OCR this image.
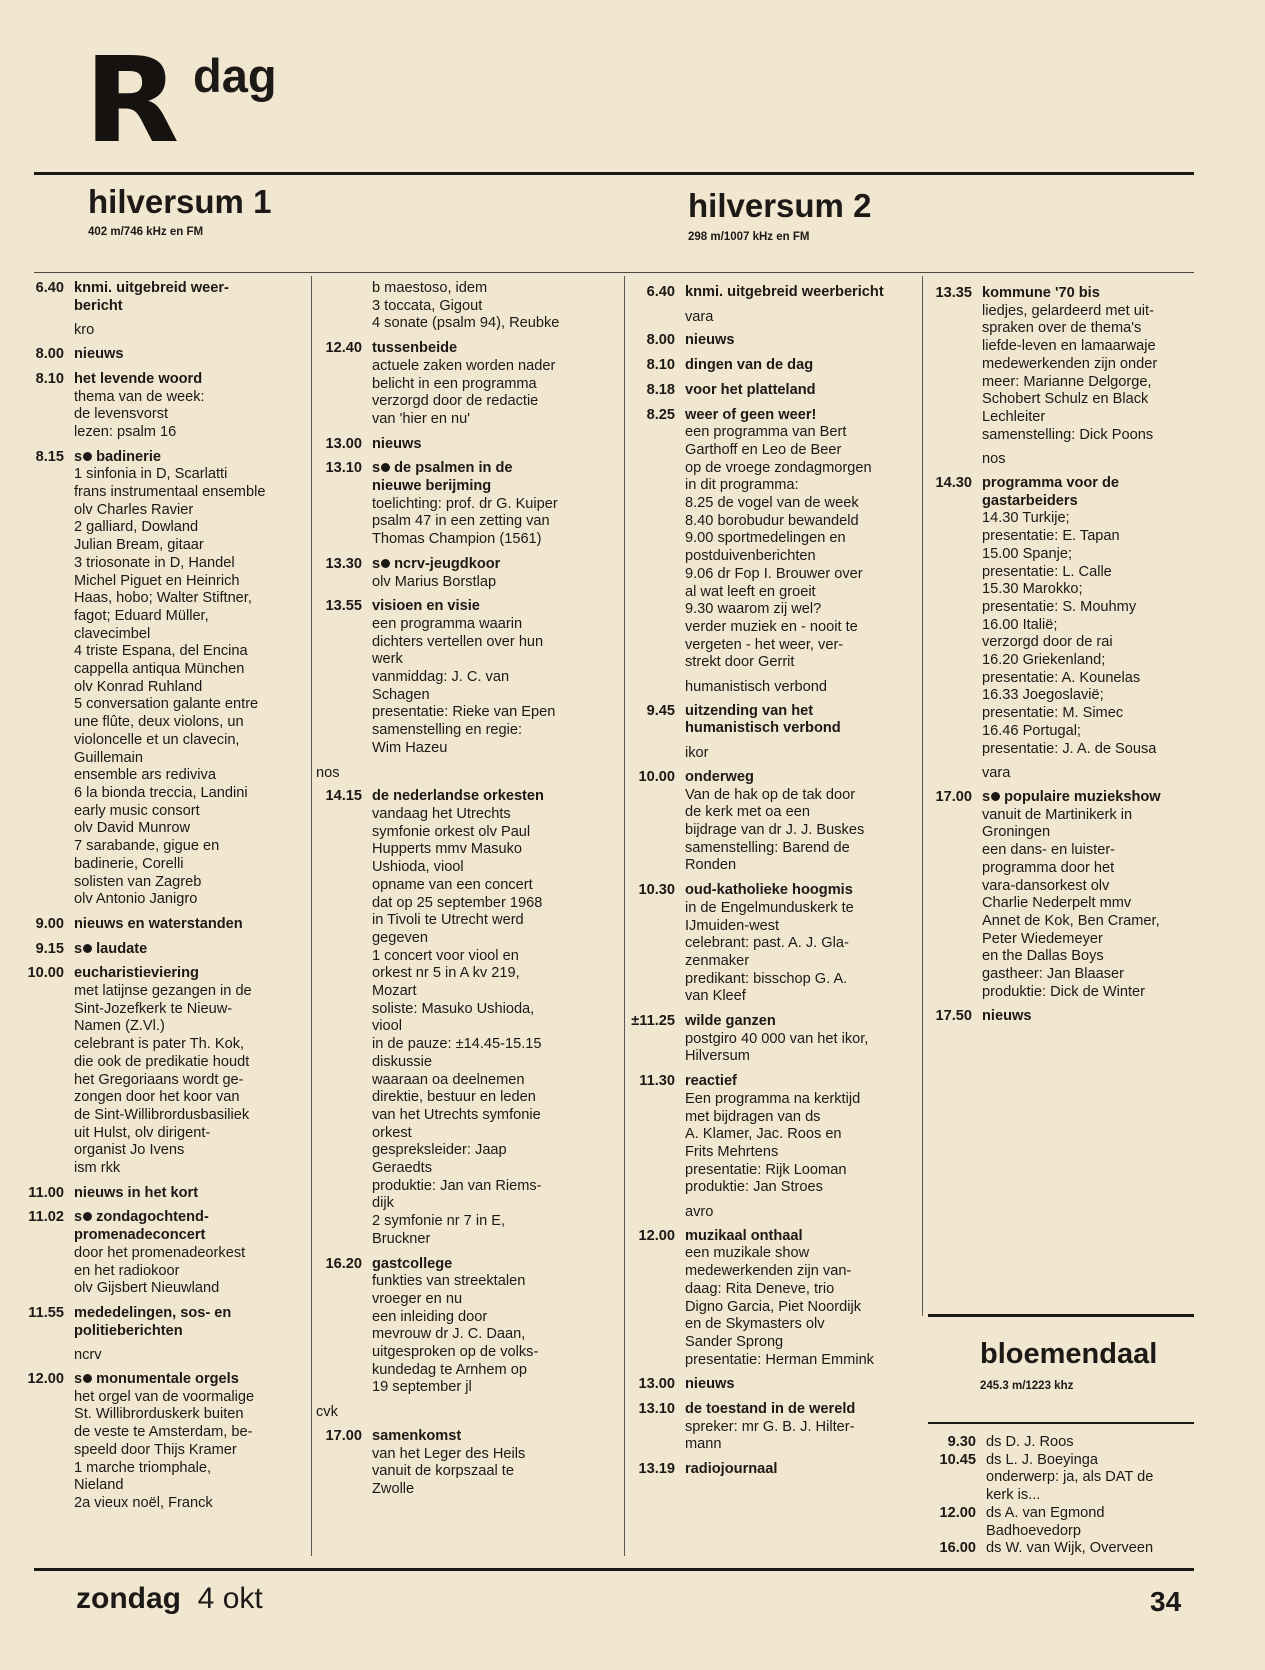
R dag
hilversum 1
402 m/746 kHz en FM
hilversum 2
298 m/1007 kHz en FM
6.40 knmi. uitgebreid weer-
bericht
kro
8.00 nieuws
8.10 het levende woord
thema van de week:
de levensvorst
lezen: psalm 16
8.15 s badinerie
1 sinfonia in D, Scarlatti
frans instrumentaal ensemble
olv Charles Ravier
2 galliard, Dowland
Julian Bream, gitaar
3 triosonate in D, Handel
Michel Piguet en Heinrich
Haas, hobo; Walter Stiftner,
fagot; Eduard Müller,
clavecimbel
4 triste Espana, del Encina
cappella antiqua München
olv Konrad Ruhland
5 conversation galante entre
une flûte, deux violons, un
violoncelle et un clavecin,
Guillemain
ensemble ars rediviva
6 la bionda treccia, Landini
early music consort
olv David Munrow
7 sarabande, gigue en
badinerie, Corelli
solisten van Zagreb
olv Antonio Janigro
9.00 nieuws en waterstanden
9.15 s laudate
10.00 eucharistieviering
met latijnse gezangen in de
Sint-Jozefkerk te Nieuw-
Namen (Z.Vl.)
celebrant is pater Th. Kok,
die ook de predikatie houdt
het Gregoriaans wordt ge-
zongen door het koor van
de Sint-Willibrordusbasiliek
uit Hulst, olv dirigent-
organist Jo Ivens
ism rkk
11.00 nieuws in het kort
11.02 s zondagochtend-
promenadeconcert
door het promenadeorkest
en het radiokoor
olv Gijsbert Nieuwland
11.55 mededelingen, sos- en
politieberichten
ncrv
12.00 s monumentale orgels
het orgel van de voormalige
St. Willibrorduskerk buiten
de veste te Amsterdam, be-
speeld door Thijs Kramer
1 marche triomphale,
Nieland
2a vieux noël, Franck
b maestoso, idem
3 toccata, Gigout
4 sonate (psalm 94), Reubke
12.40 tussenbeide
actuele zaken worden nader
belicht in een programma
verzorgd door de redactie
van 'hier en nu'
13.00 nieuws
13.10 s de psalmen in de
nieuwe berijming
toelichting: prof. dr G. Kuiper
psalm 47 in een zetting van
Thomas Champion (1561)
13.30 s ncrv-jeugdkoor
olv Marius Borstlap
13.55 visioen en visie
een programma waarin
dichters vertellen over hun
werk
vanmiddag: J. C. van
Schagen
presentatie: Rieke van Epen
samenstelling en regie:
Wim Hazeu
nos
14.15 de nederlandse orkesten
vandaag het Utrechts
symfonie orkest olv Paul
Hupperts mmv Masuko
Ushioda, viool
opname van een concert
dat op 25 september 1968
in Tivoli te Utrecht werd
gegeven
1 concert voor viool en
orkest nr 5 in A kv 219,
Mozart
soliste: Masuko Ushioda,
viool
in de pauze: ±14.45-15.15
diskussie
waaraan oa deelnemen
direktie, bestuur en leden
van het Utrechts symfonie
orkest
gespreksleider: Jaap
Geraedts
produktie: Jan van Riems-
dijk
2 symfonie nr 7 in E,
Bruckner
16.20 gastcollege
funkties van streektalen
vroeger en nu
een inleiding door
mevrouw dr J. C. Daan,
uitgesproken op de volks-
kundedag te Arnhem op
19 september jl
cvk
17.00 samenkomst
van het Leger des Heils
vanuit de korpszaal te
Zwolle
6.40 knmi. uitgebreid weerbericht
vara
8.00 nieuws
8.10 dingen van de dag
8.18 voor het platteland
8.25 weer of geen weer!
een programma van Bert
Garthoff en Leo de Beer
op de vroege zondagmorgen
in dit programma:
8.25 de vogel van de week
8.40 borobudur bewandeld
9.00 sportmedelingen en
postduivenberichten
9.06 dr Fop I. Brouwer over
al wat leeft en groeit
9.30 waarom zij wel?
verder muziek en - nooit te
vergeten - het weer, ver-
strekt door Gerrit
humanistisch verbond
9.45 uitzending van het
humanistisch verbond
ikor
10.00 onderweg
Van de hak op de tak door
de kerk met oa een
bijdrage van dr J. J. Buskes
samenstelling: Barend de
Ronden
10.30 oud-katholieke hoogmis
in de Engelmunduskerk te
IJmuiden-west
celebrant: past. A. J. Gla-
zenmaker
predikant: bisschop G. A.
van Kleef
±11.25 wilde ganzen
postgiro 40 000 van het ikor,
Hilversum
11.30 reactief
Een programma na kerktijd
met bijdragen van ds
A. Klamer, Jac. Roos en
Frits Mehrtens
presentatie: Rijk Looman
produktie: Jan Stroes
avro
12.00 muzikaal onthaal
een muzikale show
medewerkenden zijn van-
daag: Rita Deneve, trio
Digno Garcia, Piet Noordijk
en de Skymasters olv
Sander Sprong
presentatie: Herman Emmink
13.00 nieuws
13.10 de toestand in de wereld
spreker: mr G. B. J. Hilter-
mann
13.19 radiojournaal
13.35 kommune '70 bis
liedjes, gelardeerd met uit-
spraken over de thema's
liefde-leven en lamaarwaje
medewerkenden zijn onder
meer: Marianne Delgorge,
Schobert Schulz en Black
Lechleiter
samenstelling: Dick Poons
nos
14.30 programma voor de
gastarbeiders
14.30 Turkije;
presentatie: E. Tapan
15.00 Spanje;
presentatie: L. Calle
15.30 Marokko;
presentatie: S. Mouhmy
16.00 Italië;
verzorgd door de rai
16.20 Griekenland;
presentatie: A. Kounelas
16.33 Joegoslavië;
presentatie: M. Simec
16.46 Portugal;
presentatie: J. A. de Sousa
vara
17.00 s populaire muziekshow
vanuit de Martinikerk in
Groningen
een dans- en luister-
programma door het
vara-dansorkest olv
Charlie Nederpelt mmv
Annet de Kok, Ben Cramer,
Peter Wiedemeyer
en the Dallas Boys
gastheer: Jan Blaaser
produktie: Dick de Winter
17.50 nieuws
bloemendaal
245.3 m/1223 khz
9.30 ds D. J. Roos
10.45 ds L. J. Boeyinga
onderwerp: ja, als DAT de
kerk is...
12.00 ds A. van Egmond
Badhoevedorp
16.00 ds W. van Wijk, Overveen
zondag 4 okt	34
